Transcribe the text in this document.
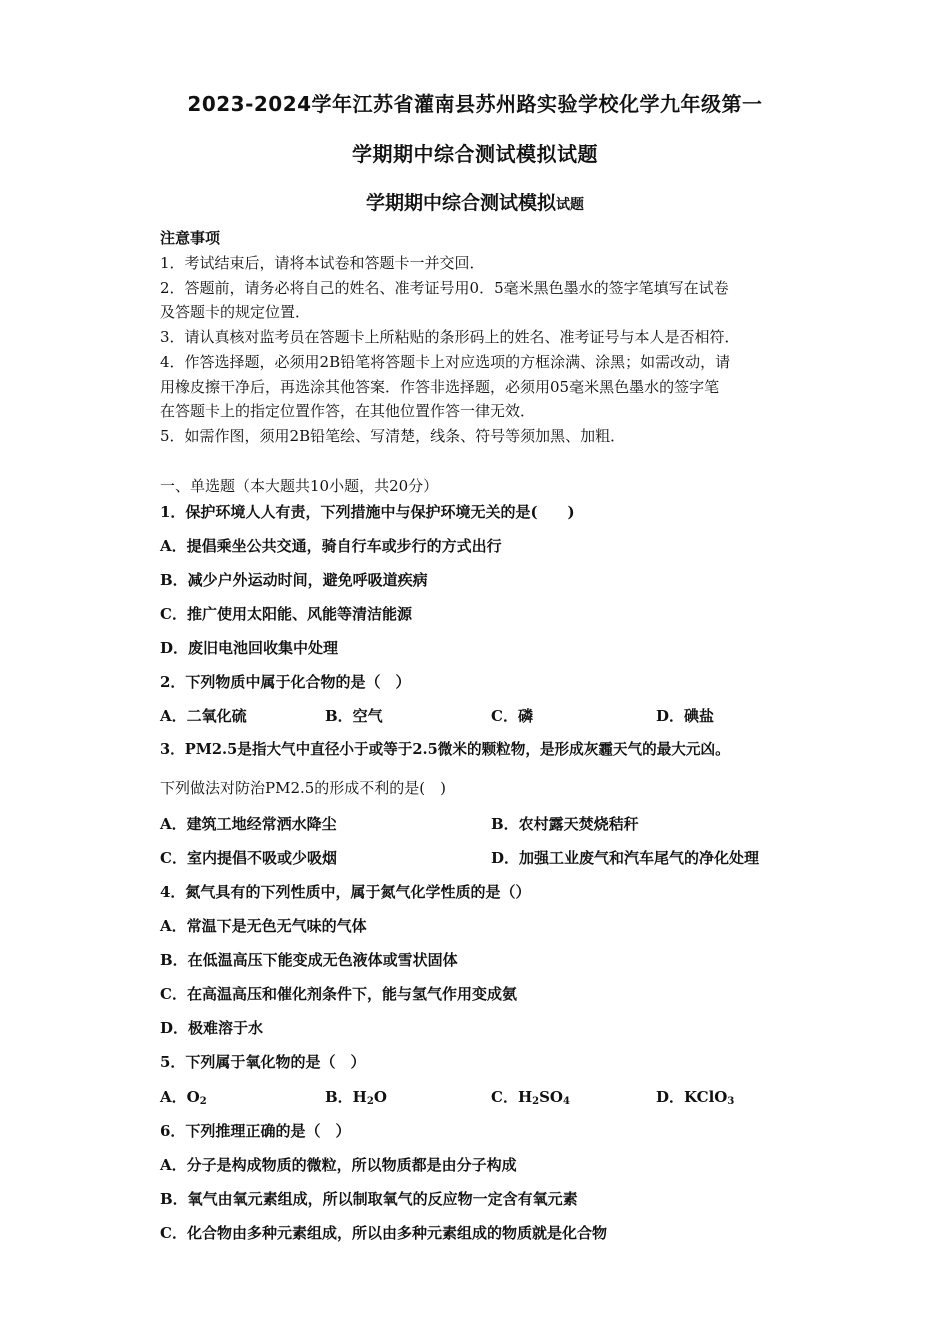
2023-2024学年江苏省灌南县苏州路实验学校化学九年级第一
学期期中综合测试模拟试题
学期期中综合测试模拟试题
注意事项
1．考试结束后，请将本试卷和答题卡一并交回．
2．答题前，请务必将自己的姓名、准考证号用0．5毫米黑色墨水的签字笔填写在试卷
及答题卡的规定位置．
3．请认真核对监考员在答题卡上所粘贴的条形码上的姓名、准考证号与本人是否相符．
4．作答选择题，必须用2B铅笔将答题卡上对应选项的方框涂满、涂黑；如需改动，请
用橡皮擦干净后，再选涂其他答案．作答非选择题，必须用05毫米黑色墨水的签字笔
在答题卡上的指定位置作答，在其他位置作答一律无效．
5．如需作图，须用2B铅笔绘、写清楚，线条、符号等须加黑、加粗．
一、单选题（本大题共10小题，共20分）
1．保护环境人人有责，下列措施中与保护环境无关的是(　　)
A．提倡乘坐公共交通，骑自行车或步行的方式出行
B．减少户外运动时间，避免呼吸道疾病
C．推广使用太阳能、风能等清洁能源
D．废旧电池回收集中处理
2．下列物质中属于化合物的是（　）
A．二氧化硫	B．空气	C．磷	D．碘盐
3．PM2.5是指大气中直径小于或等于2.5微米的颗粒物，是形成灰霾天气的最大元凶。
下列做法对防治PM2.5的形成不利的是(　)
A．建筑工地经常洒水降尘	B．农村露天焚烧秸秆
C．室内提倡不吸或少吸烟	D．加强工业废气和汽车尾气的净化处理
4．氮气具有的下列性质中，属于氮气化学性质的是（）
A．常温下是无色无气味的气体
B．在低温高压下能变成无色液体或雪状固体
C．在高温高压和催化剂条件下，能与氢气作用变成氨
D．极难溶于水
5．下列属于氧化物的是（　）
A．$O_2$	B．$H_2O$	C．$H_2SO_4$	D．KClO$_3$
6．下列推理正确的是（　）
A．分子是构成物质的微粒，所以物质都是由分子构成
B．氧气由氧元素组成，所以制取氧气的反应物一定含有氧元素
C．化合物由多种元素组成，所以由多种元素组成的物质就是化合物
